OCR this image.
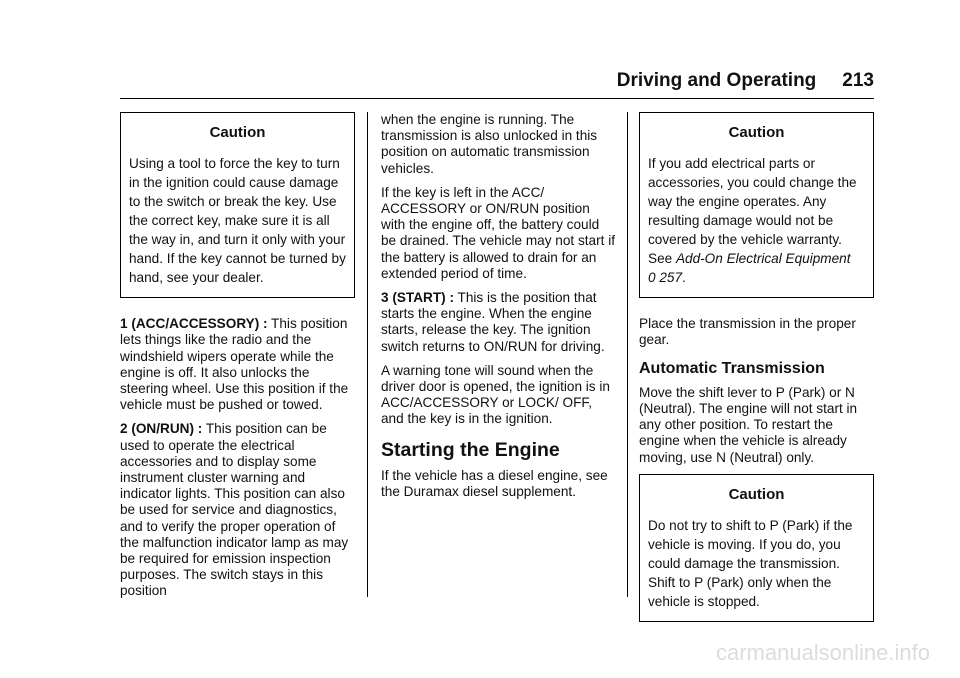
Driving and Operating 213
Caution
Using a tool to force the key to turn in the ignition could cause damage to the switch or break the key. Use the correct key, make sure it is all the way in, and turn it only with your hand. If the key cannot be turned by hand, see your dealer.

1 (ACC/ACCESSORY) : This position lets things like the radio and the windshield wipers operate while the engine is off. It also unlocks the steering wheel. Use this position if the vehicle must be pushed or towed.

2 (ON/RUN) : This position can be used to operate the electrical accessories and to display some instrument cluster warning and indicator lights. This position can also be used for service and diagnostics, and to verify the proper operation of the malfunction indicator lamp as may be required for emission inspection purposes. The switch stays in this position

when the engine is running. The transmission is also unlocked in this position on automatic transmission vehicles.

If the key is left in the ACC/ ACCESSORY or ON/RUN position with the engine off, the battery could be drained. The vehicle may not start if the battery is allowed to drain for an extended period of time.

3 (START) : This is the position that starts the engine. When the engine starts, release the key. The ignition switch returns to ON/RUN for driving.

A warning tone will sound when the driver door is opened, the ignition is in ACC/ACCESSORY or LOCK/ OFF, and the key is in the ignition.

Starting the Engine

If the vehicle has a diesel engine, see the Duramax diesel supplement.

Caution
If you add electrical parts or accessories, you could change the way the engine operates. Any resulting damage would not be covered by the vehicle warranty. See Add-On Electrical Equipment
0 257.

Place the transmission in the proper gear.

Automatic Transmission

Move the shift lever to P (Park) or N (Neutral). The engine will not start in any other position. To restart the engine when the vehicle is already moving, use N (Neutral) only.

Caution
Do not try to shift to P (Park) if the vehicle is moving. If you do, you could damage the transmission. Shift to P (Park) only when the vehicle is stopped.
carmanualsonline.info
